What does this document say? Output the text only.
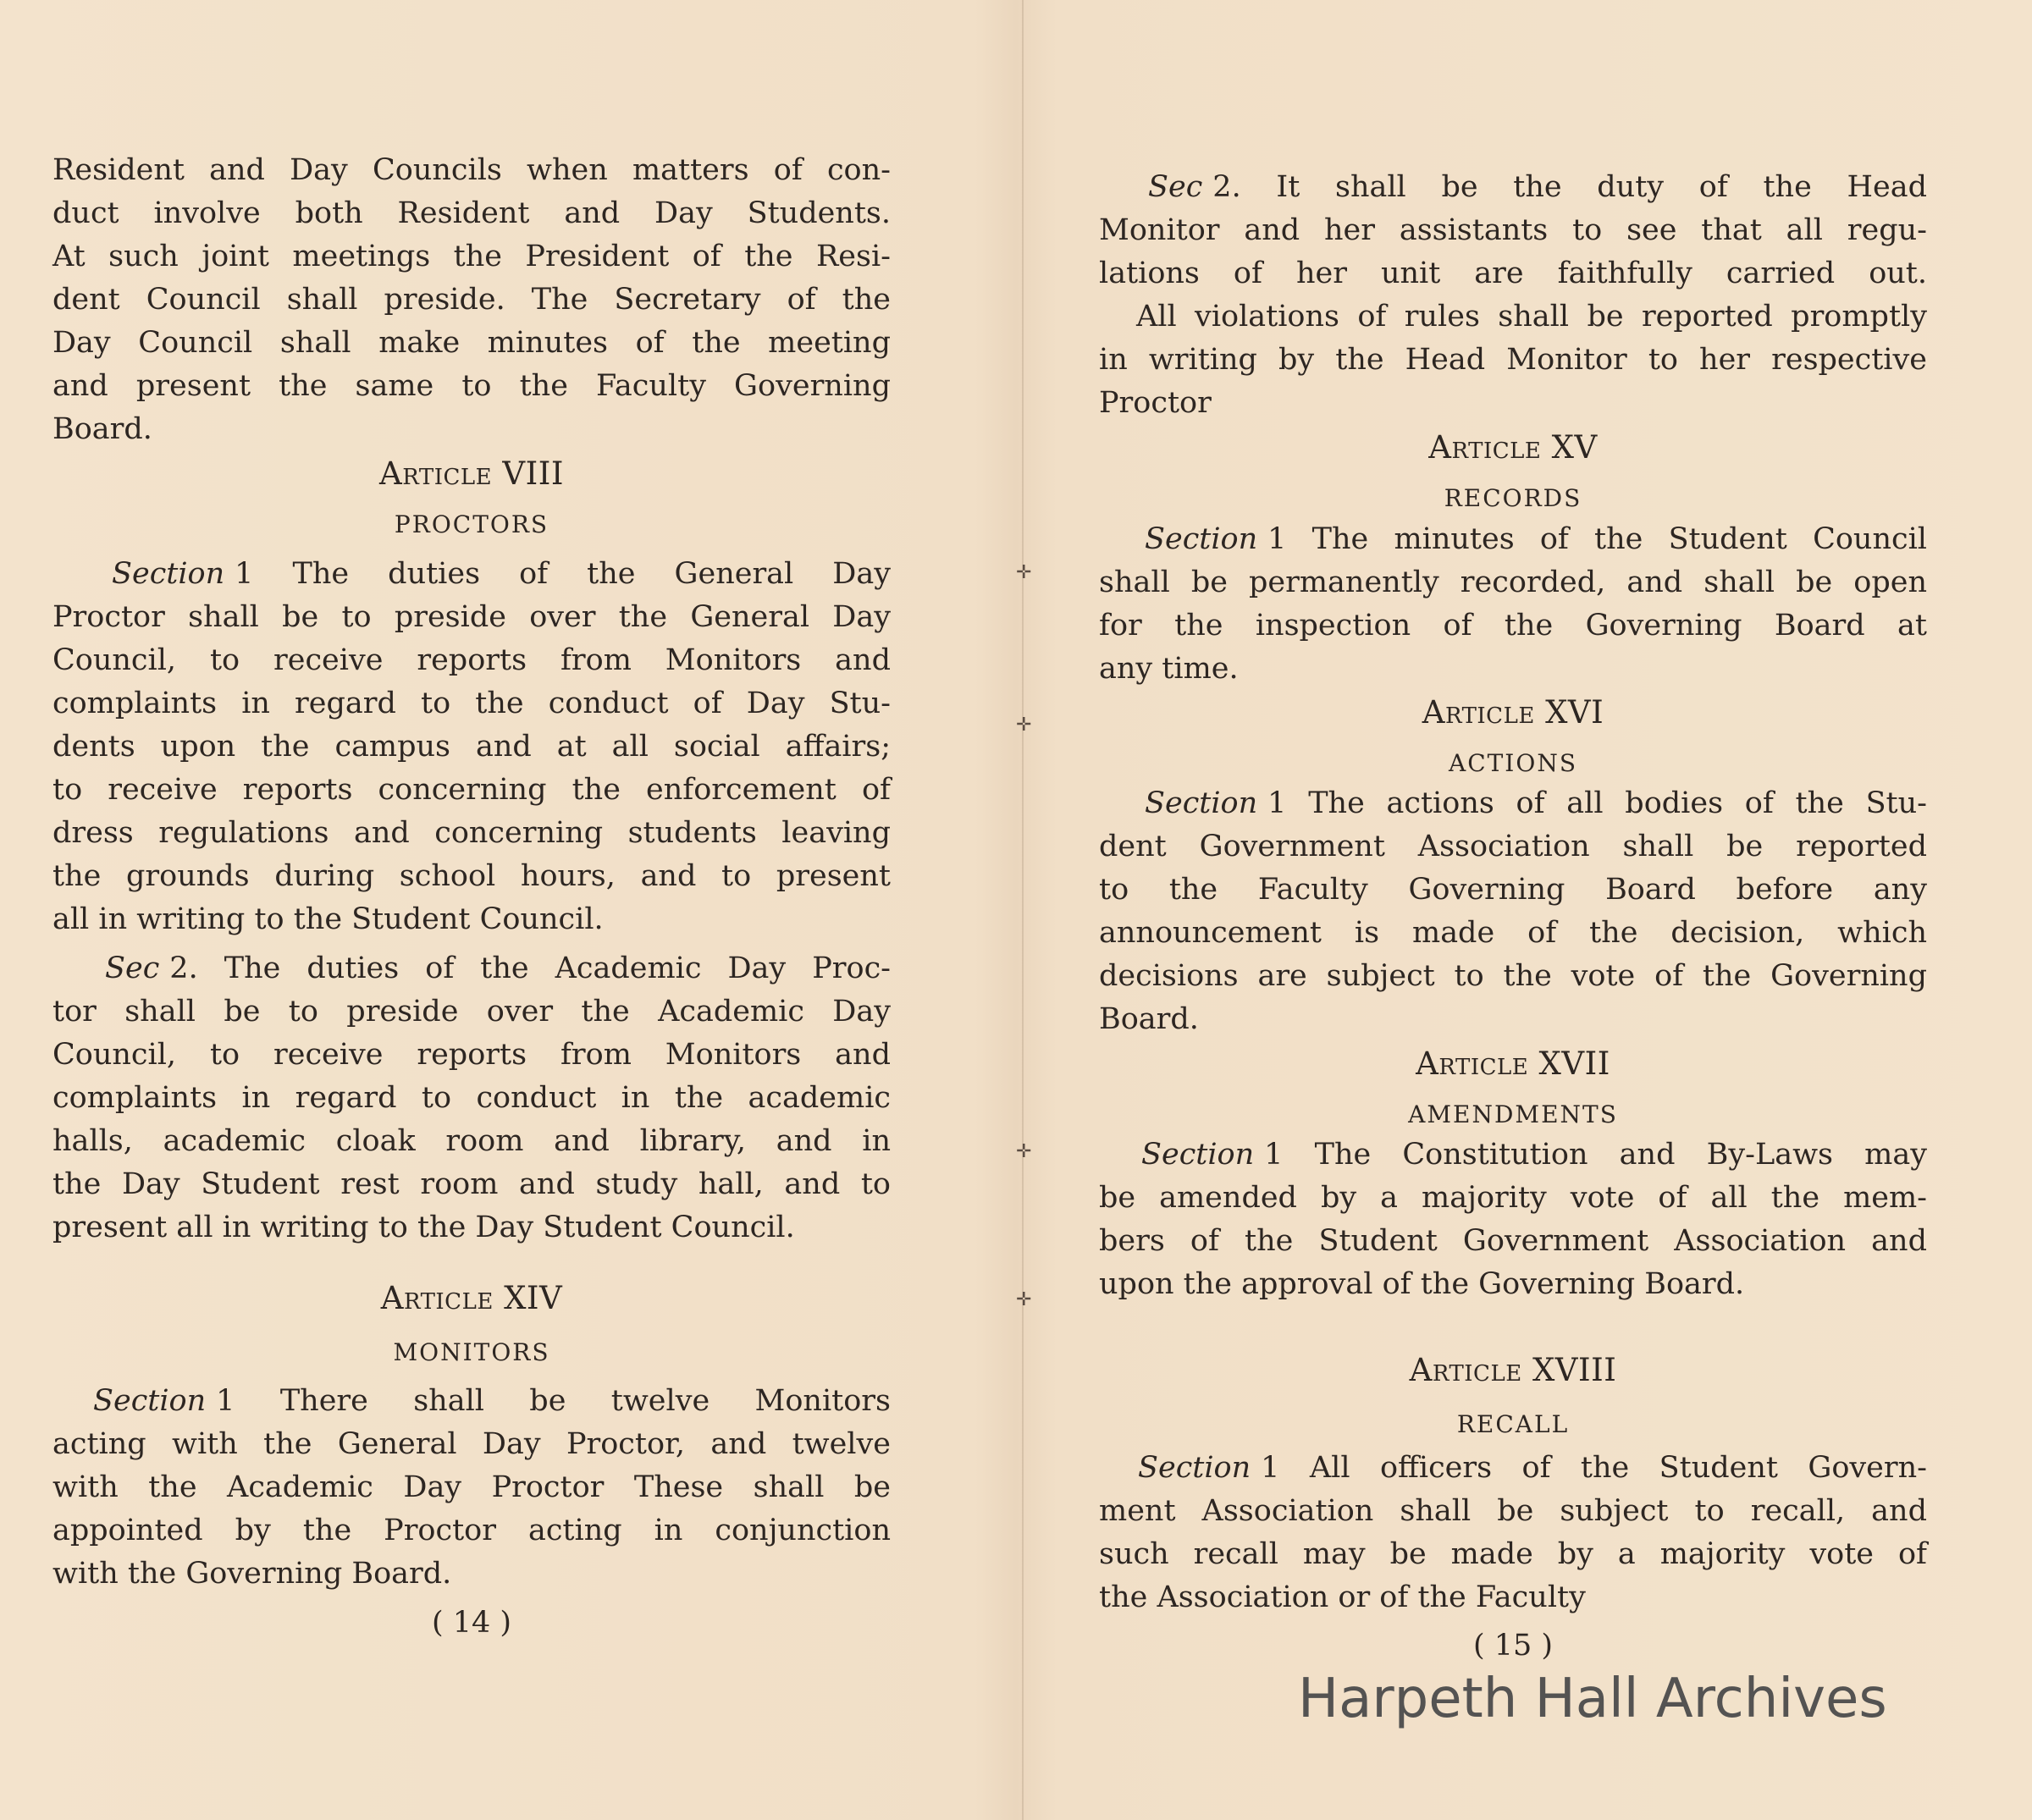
✛
✛
✛
✛
Resident and Day Councils when matters of con-
duct involve both Resident and Day Students.
At such joint meetings the President of the Resi-
dent Council shall preside. The Secretary of the
Day Council shall make minutes of the meeting
and present the same to the Faculty Governing
Board.
Article VIII
PROCTORS
Section 1 The duties of the General Day
Proctor shall be to preside over the General Day
Council, to receive reports from Monitors and
complaints in regard to the conduct of Day Stu-
dents upon the campus and at all social affairs;
to receive reports concerning the enforcement of
dress regulations and concerning students leaving
the grounds during school hours, and to present
all in writing to the Student Council.
Sec 2. The duties of the Academic Day Proc-
tor shall be to preside over the Academic Day
Council, to receive reports from Monitors and
complaints in regard to conduct in the academic
halls, academic cloak room and library, and in
the Day Student rest room and study hall, and to
present all in writing to the Day Student Council.
Article XIV
MONITORS
Section 1 There shall be twelve Monitors
acting with the General Day Proctor, and twelve
with the Academic Day Proctor These shall be
appointed by the Proctor acting in conjunction
with the Governing Board.
( 14 )
Sec 2. It shall be the duty of the Head
Monitor and her assistants to see that all regu-
lations of her unit are faithfully carried out.
All violations of rules shall be reported promptly
in writing by the Head Monitor to her respective
Proctor
Article XV
RECORDS
Section 1 The minutes of the Student Council
shall be permanently recorded, and shall be open
for the inspection of the Governing Board at
any time.
Article XVI
ACTIONS
Section 1 The actions of all bodies of the Stu-
dent Government Association shall be reported
to the Faculty Governing Board before any
announcement is made of the decision, which
decisions are subject to the vote of the Governing
Board.
Article XVII
AMENDMENTS
Section 1 The Constitution and By-Laws may
be amended by a majority vote of all the mem-
bers of the Student Government Association and
upon the approval of the Governing Board.
Article XVIII
RECALL
Section 1 All officers of the Student Govern-
ment Association shall be subject to recall, and
such recall may be made by a majority vote of
the Association or of the Faculty
( 15 )
Harpeth Hall Archives
